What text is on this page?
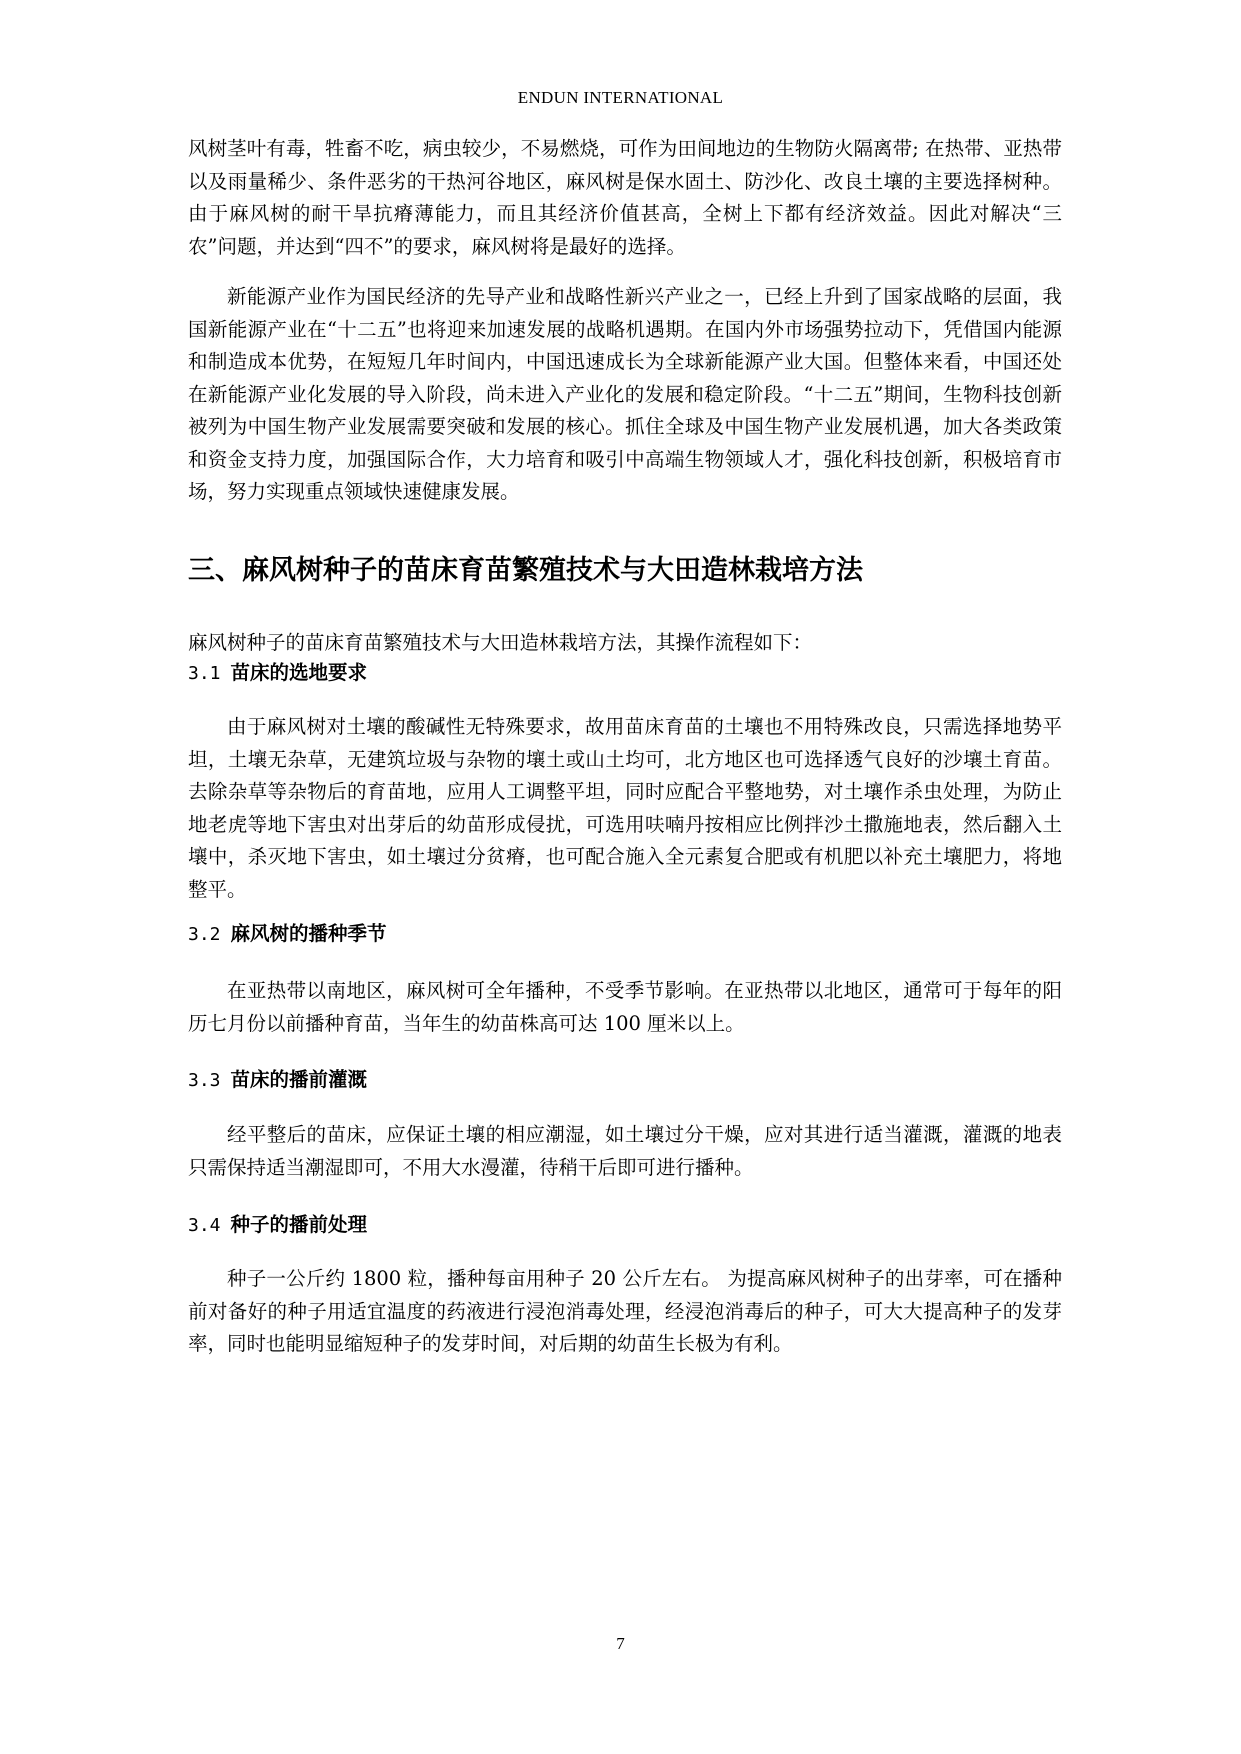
ENDUN INTERNATIONAL

风树茎叶有毒，牲畜不吃，病虫较少，不易燃烧，可作为田间地边的生物防火隔离带; 在热带、亚热带以及雨量稀少、条件恶劣的干热河谷地区，麻风树是保水固土、防沙化、改良土壤的主要选择树种。由于麻风树的耐干旱抗瘠薄能力，而且其经济价值甚高，全树上下都有经济效益。因此对解决“三农”问题，并达到“四不”的要求，麻风树将是最好的选择。

新能源产业作为国民经济的先导产业和战略性新兴产业之一，已经上升到了国家战略的层面，我国新能源产业在“十二五”也将迎来加速发展的战略机遇期。在国内外市场强势拉动下，凭借国内能源和制造成本优势，在短短几年时间内，中国迅速成长为全球新能源产业大国。但整体来看，中国还处在新能源产业化发展的导入阶段，尚未进入产业化的发展和稳定阶段。“十二五”期间，生物科技创新被列为中国生物产业发展需要突破和发展的核心。抓住全球及中国生物产业发展机遇，加大各类政策和资金支持力度，加强国际合作，大力培育和吸引中高端生物领域人才，强化科技创新，积极培育市场，努力实现重点领域快速健康发展。

三、麻风树种子的苗床育苗繁殖技术与大田造林栽培方法

麻风树种子的苗床育苗繁殖技术与大田造林栽培方法，其操作流程如下：

3.1 苗床的选地要求

由于麻风树对土壤的酸碱性无特殊要求，故用苗床育苗的土壤也不用特殊改良，只需选择地势平坦，土壤无杂草，无建筑垃圾与杂物的壤土或山土均可，北方地区也可选择透气良好的沙壤土育苗。去除杂草等杂物后的育苗地，应用人工调整平坦，同时应配合平整地势，对土壤作杀虫处理，为防止地老虎等地下害虫对出芽后的幼苗形成侵扰，可选用呋喃丹按相应比例拌沙土撒施地表，然后翻入土壤中，杀灭地下害虫，如土壤过分贫瘠，也可配合施入全元素复合肥或有机肥以补充土壤肥力，将地整平。

3.2 麻风树的播种季节

在亚热带以南地区，麻风树可全年播种，不受季节影响。在亚热带以北地区，通常可于每年的阳历七月份以前播种育苗，当年生的幼苗株高可达 100 厘米以上。

3.3 苗床的播前灌溉

经平整后的苗床，应保证土壤的相应潮湿，如土壤过分干燥，应对其进行适当灌溉，灌溉的地表只需保持适当潮湿即可，不用大水漫灌，待稍干后即可进行播种。

3.4 种子的播前处理

种子一公斤约 1800 粒，播种每亩用种子 20 公斤左右。 为提高麻风树种子的出芽率，可在播种前对备好的种子用适宜温度的药液进行浸泡消毒处理，经浸泡消毒后的种子，可大大提高种子的发芽率，同时也能明显缩短种子的发芽时间，对后期的幼苗生长极为有利。

7
